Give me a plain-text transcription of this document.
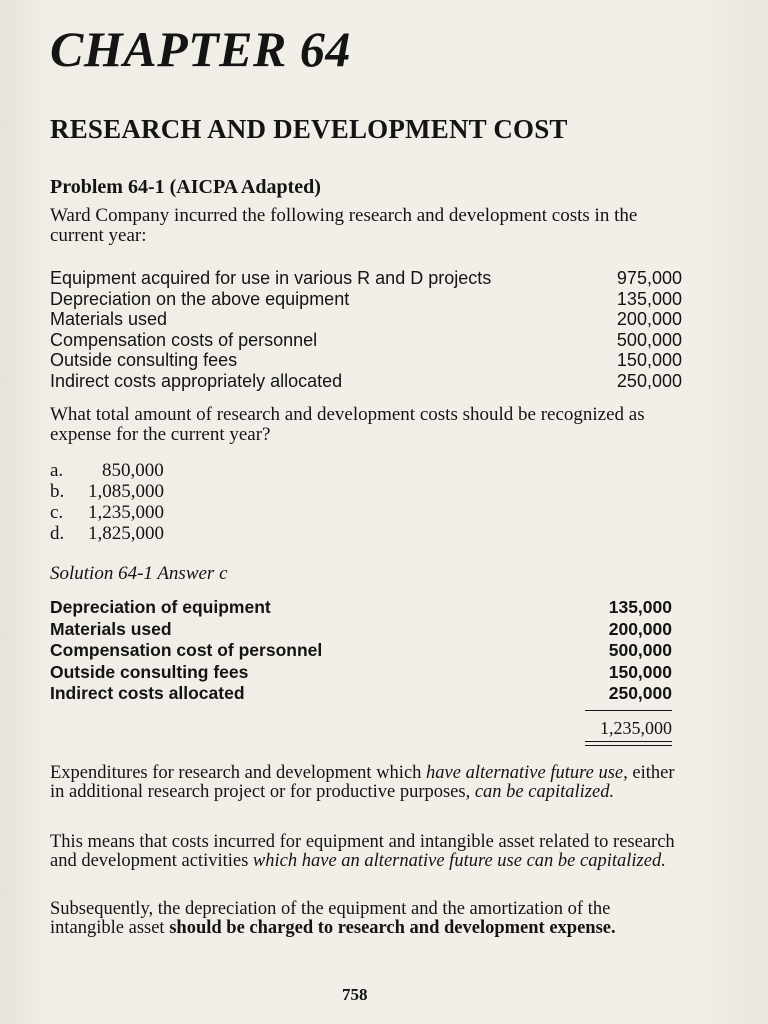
CHAPTER 64
RESEARCH AND DEVELOPMENT COST
Problem 64-1 (AICPA Adapted)
Ward Company incurred the following research and development costs in the current year:
Equipment acquired for use in various R and D projects	975,000
Depreciation on the above equipment	135,000
Materials used	200,000
Compensation costs of personnel	500,000
Outside consulting fees	150,000
Indirect costs appropriately allocated	250,000
What total amount of research and development costs should be recognized as expense for the current year?
a.	850,000
b.	1,085,000
c.	1,235,000
d.	1,825,000
Solution 64-1 Answer c
Depreciation of equipment	135,000
Materials used	200,000
Compensation cost of personnel	500,000
Outside consulting fees	150,000
Indirect costs allocated	250,000
1,235,000
Expenditures for research and development which have alternative future use, either in additional research project or for productive purposes, can be capitalized.
This means that costs incurred for equipment and intangible asset related to research and development activities which have an alternative future use can be capitalized.
Subsequently, the depreciation of the equipment and the amortization of the intangible asset should be charged to research and development expense.
758
